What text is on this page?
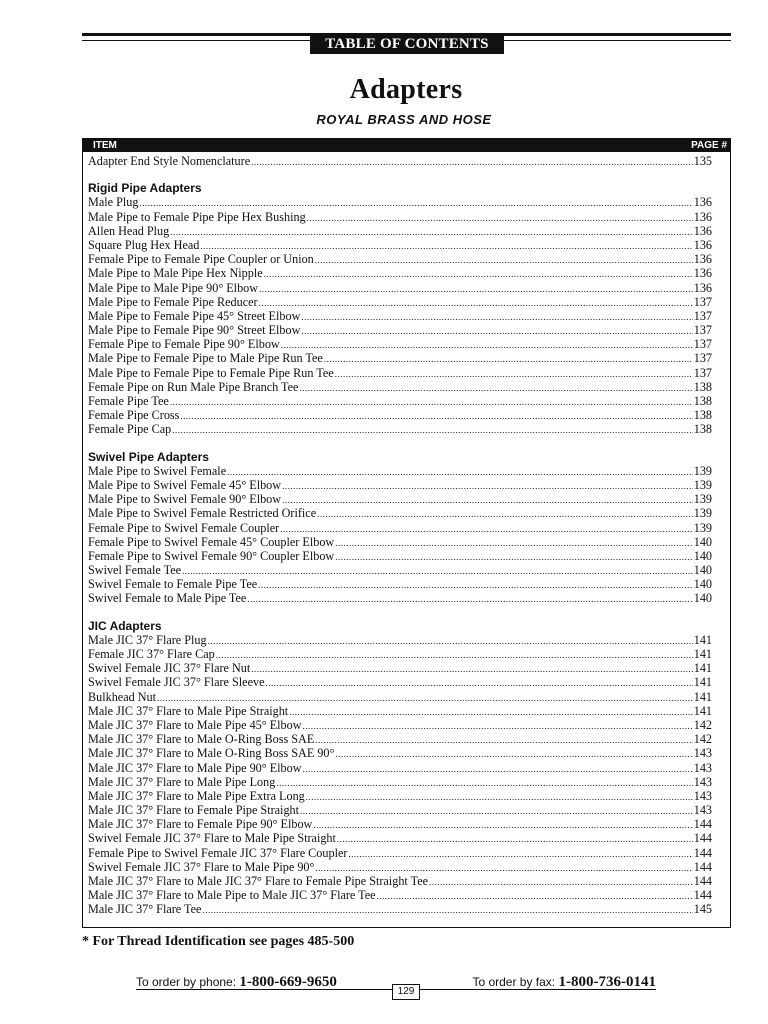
TABLE OF CONTENTS
Adapters
ROYAL BRASS AND HOSE
ITEM	PAGE #
Adapter End Style Nomenclature .....	135
Rigid Pipe Adapters
Male Plug .....	136
Male Pipe to Female Pipe Pipe Hex Bushing .....	136
Allen Head Plug .....	136
Square Plug Hex Head .....	136
Female Pipe to Female Pipe Coupler or Union .....	136
Male Pipe to Male Pipe Hex Nipple .....	136
Male Pipe to Male Pipe 90° Elbow .....	136
Male Pipe to Female Pipe Reducer .....	137
Male Pipe to Female Pipe 45° Street Elbow .....	137
Male Pipe to Female Pipe 90° Street Elbow .....	137
Female Pipe to Female Pipe 90° Elbow .....	137
Male Pipe to Female Pipe to Male Pipe Run Tee .....	137
Male Pipe to Female Pipe to Female Pipe Run Tee .....	137
Female Pipe on Run Male Pipe Branch Tee .....	138
Female Pipe Tee .....	138
Female Pipe Cross .....	138
Female Pipe Cap .....	138
Swivel Pipe Adapters
Male Pipe to Swivel Female .....	139
Male Pipe to Swivel Female 45° Elbow .....	139
Male Pipe to Swivel Female 90° Elbow .....	139
Male Pipe to Swivel Female Restricted Orifice .....	139
Female Pipe to Swivel Female Coupler .....	139
Female Pipe to Swivel Female 45° Coupler Elbow .....	140
Female Pipe to Swivel Female 90° Coupler Elbow .....	140
Swivel Female Tee .....	140
Swivel Female to Female Pipe Tee .....	140
Swivel Female to Male Pipe Tee .....	140
JIC Adapters
Male JIC 37° Flare Plug .....	141
Female JIC 37° Flare Cap .....	141
Swivel Female JIC 37° Flare Nut .....	141
Swivel Female JIC 37° Flare Sleeve .....	141
Bulkhead Nut .....	141
Male JIC 37° Flare to Male Pipe Straight .....	141
Male JIC 37° Flare to Male Pipe 45° Elbow .....	142
Male JIC 37° Flare to Male O-Ring Boss SAE .....	142
Male JIC 37° Flare to Male O-Ring Boss SAE 90° .....	143
Male JIC 37° Flare to Male Pipe 90° Elbow .....	143
Male JIC 37° Flare to Male Pipe Long .....	143
Male JIC 37° Flare to Male Pipe Extra Long .....	143
Male JIC 37° Flare to Female Pipe Straight .....	143
Male JIC 37° Flare to Female Pipe 90° Elbow .....	144
Swivel Female JIC 37° Flare to Male Pipe Straight .....	144
Female Pipe to Swivel Female JIC 37° Flare Coupler .....	144
Swivel Female JIC 37° Flare to Male Pipe 90° .....	144
Male JIC 37° Flare to Male JIC 37° Flare to Female Pipe Straight Tee .....	144
Male JIC 37° Flare to Male Pipe to Male JIC 37° Flare Tee .....	144
Male JIC 37° Flare Tee .....	145
* For Thread Identification see pages 485-500
To order by phone: 1-800-669-9650	To order by fax: 1-800-736-0141
129
